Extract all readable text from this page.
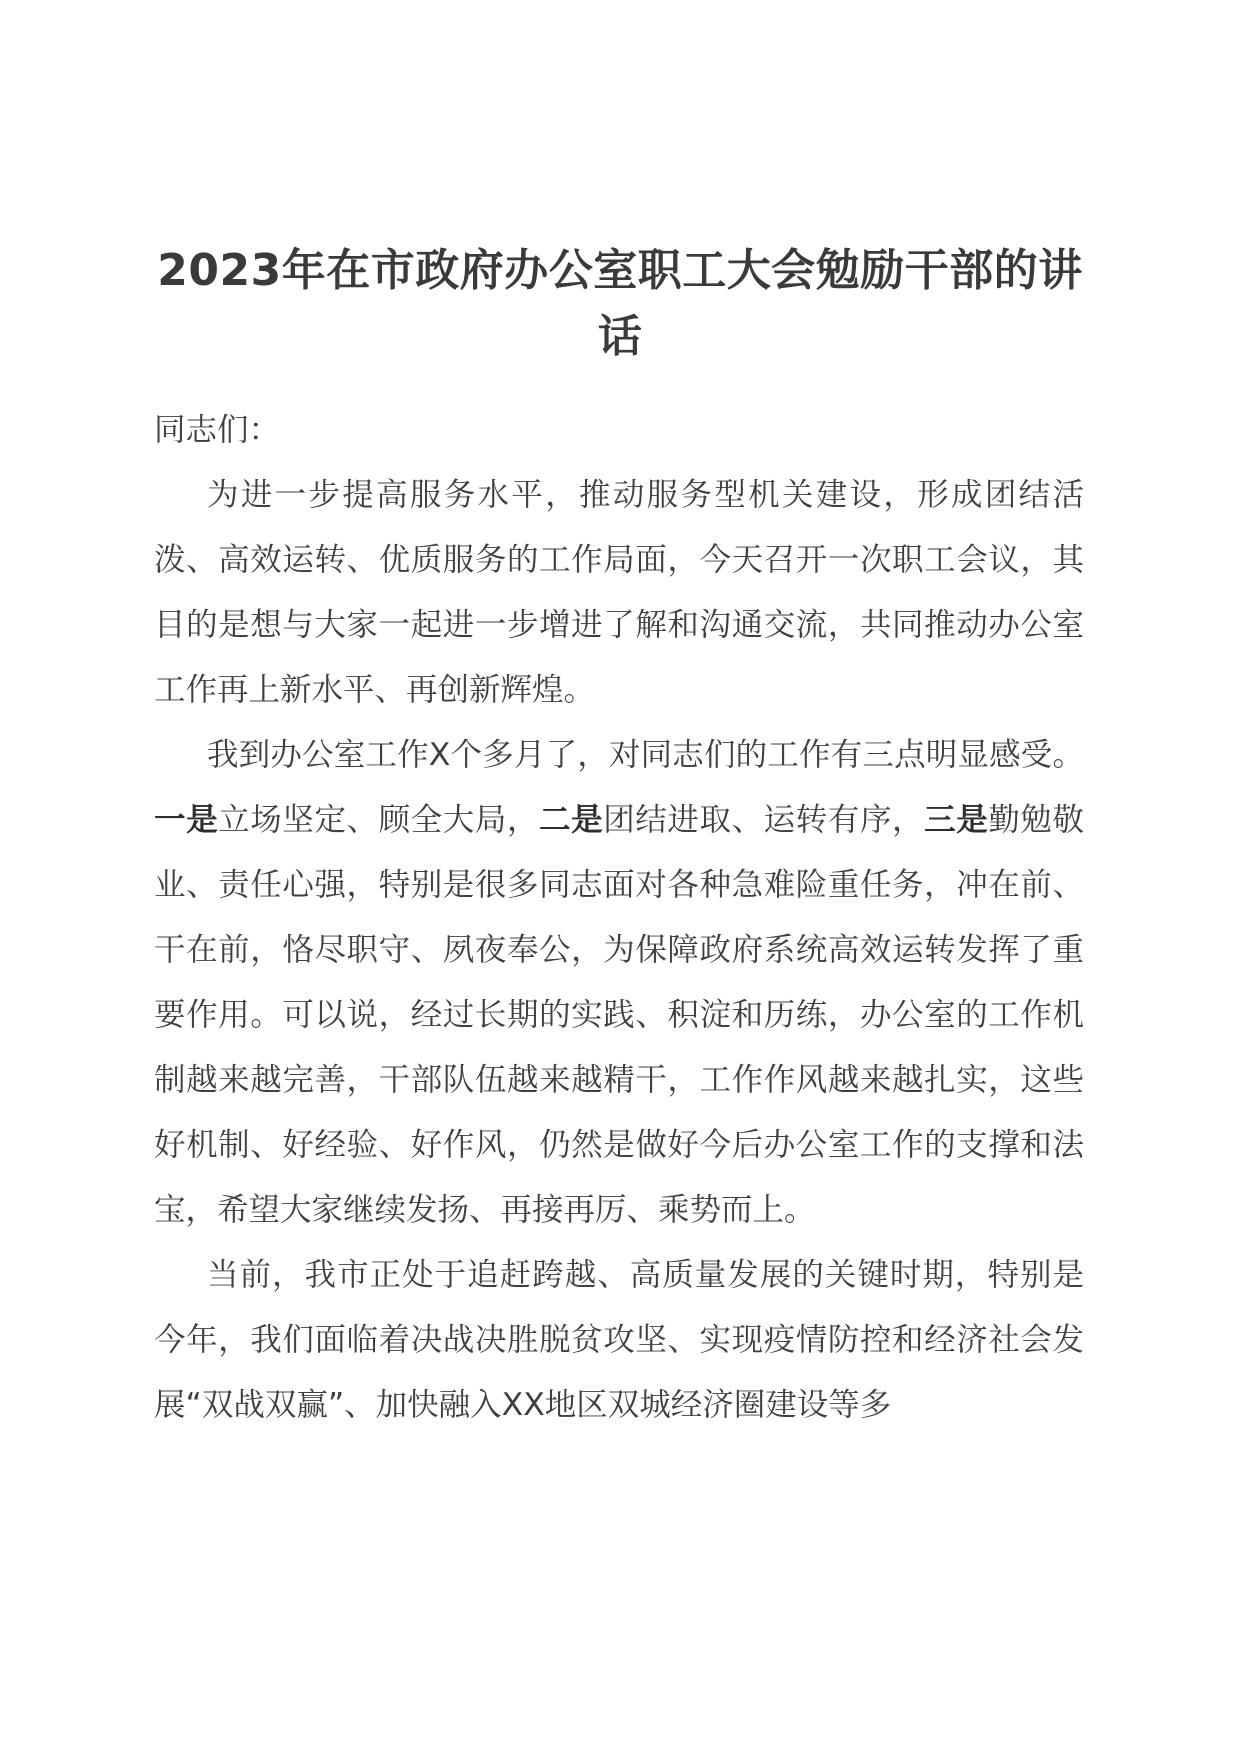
2023年在市政府办公室职工大会勉励干部的讲话

同志们：

为进一步提高服务水平，推动服务型机关建设，形成团结活泼、高效运转、优质服务的工作局面，今天召开一次职工会议，其目的是想与大家一起进一步增进了解和沟通交流，共同推动办公室工作再上新水平、再创新辉煌。

我到办公室工作X个多月了，对同志们的工作有三点明显感受。一是立场坚定、顾全大局，二是团结进取、运转有序，三是勤勉敬业、责任心强，特别是很多同志面对各种急难险重任务，冲在前、干在前，恪尽职守、夙夜奉公，为保障政府系统高效运转发挥了重要作用。可以说，经过长期的实践、积淀和历练，办公室的工作机制越来越完善，干部队伍越来越精干，工作作风越来越扎实，这些好机制、好经验、好作风，仍然是做好今后办公室工作的支撑和法宝，希望大家继续发扬、再接再厉、乘势而上。

当前，我市正处于追赶跨越、高质量发展的关键时期，特别是今年，我们面临着决战决胜脱贫攻坚、实现疫情防控和经济社会发展“双战双赢”、加快融入XX地区双城经济圈建设等多
